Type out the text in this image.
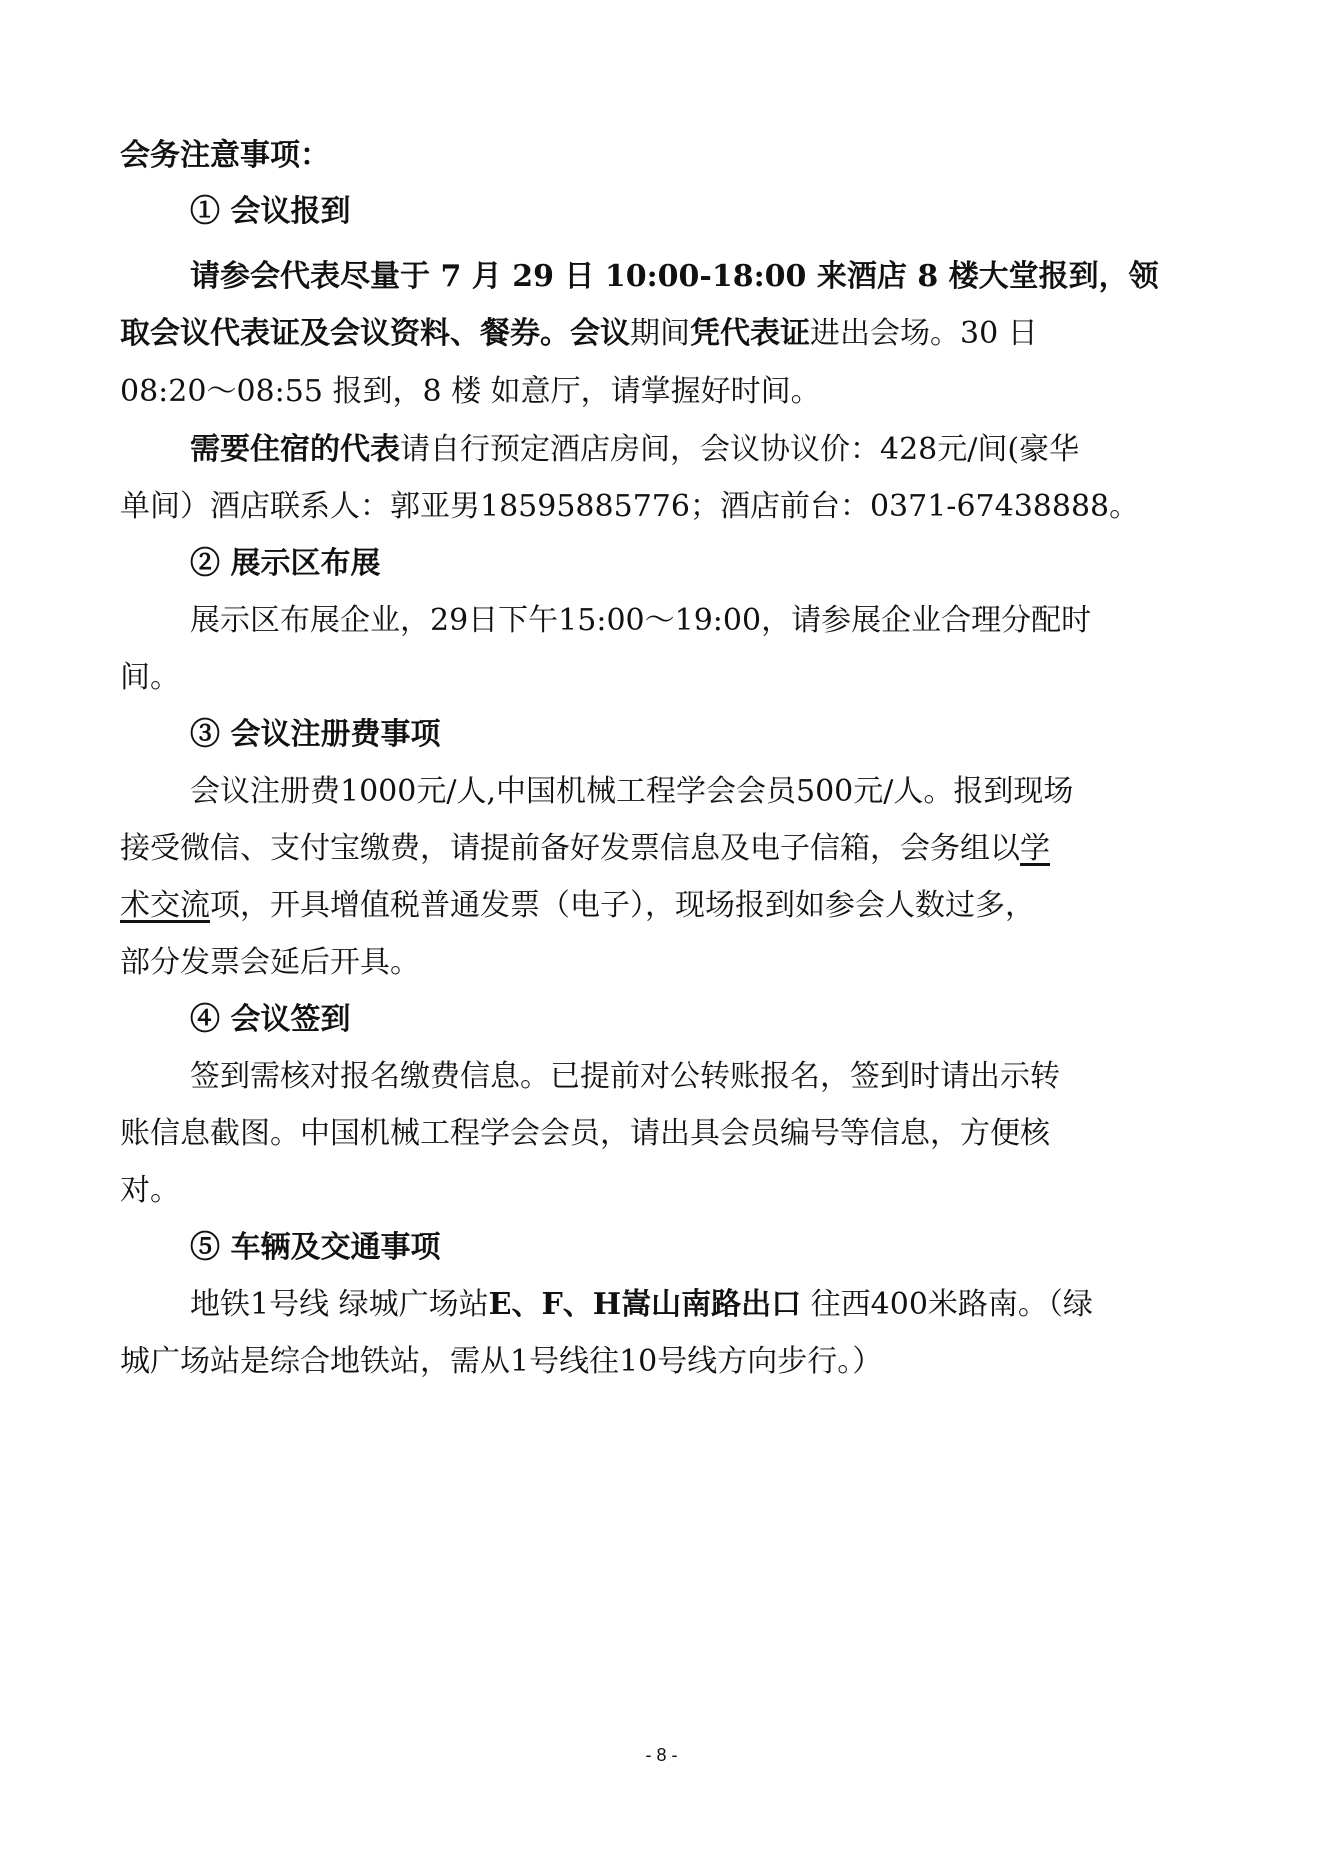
会务注意事项：
① 会议报到
请参会代表尽量于 7 月 29 日 10:00-18:00 来酒店 8 楼大堂报到，领
取会议代表证及会议资料、餐券。会议期间凭代表证进出会场。30 日
08:20～08:55 报到，8 楼 如意厅，请掌握好时间。
需要住宿的代表请自行预定酒店房间，会议协议价：428元/间(豪华
单间）酒店联系人：郭亚男18595885776；酒店前台：0371-67438888。
② 展示区布展
展示区布展企业，29日下午15:00～19:00，请参展企业合理分配时
间。
③ 会议注册费事项
会议注册费1000元/人,中国机械工程学会会员500元/人。报到现场
接受微信、支付宝缴费，请提前备好发票信息及电子信箱，会务组以学
术交流项，开具增值税普通发票（电子），现场报到如参会人数过多，
部分发票会延后开具。
④ 会议签到
签到需核对报名缴费信息。已提前对公转账报名，签到时请出示转
账信息截图。中国机械工程学会会员，请出具会员编号等信息，方便核
对。
⑤ 车辆及交通事项
地铁1号线 绿城广场站E、F、H嵩山南路出口 往西400米路南。（绿
城广场站是综合地铁站，需从1号线往10号线方向步行。）
- 8 -
